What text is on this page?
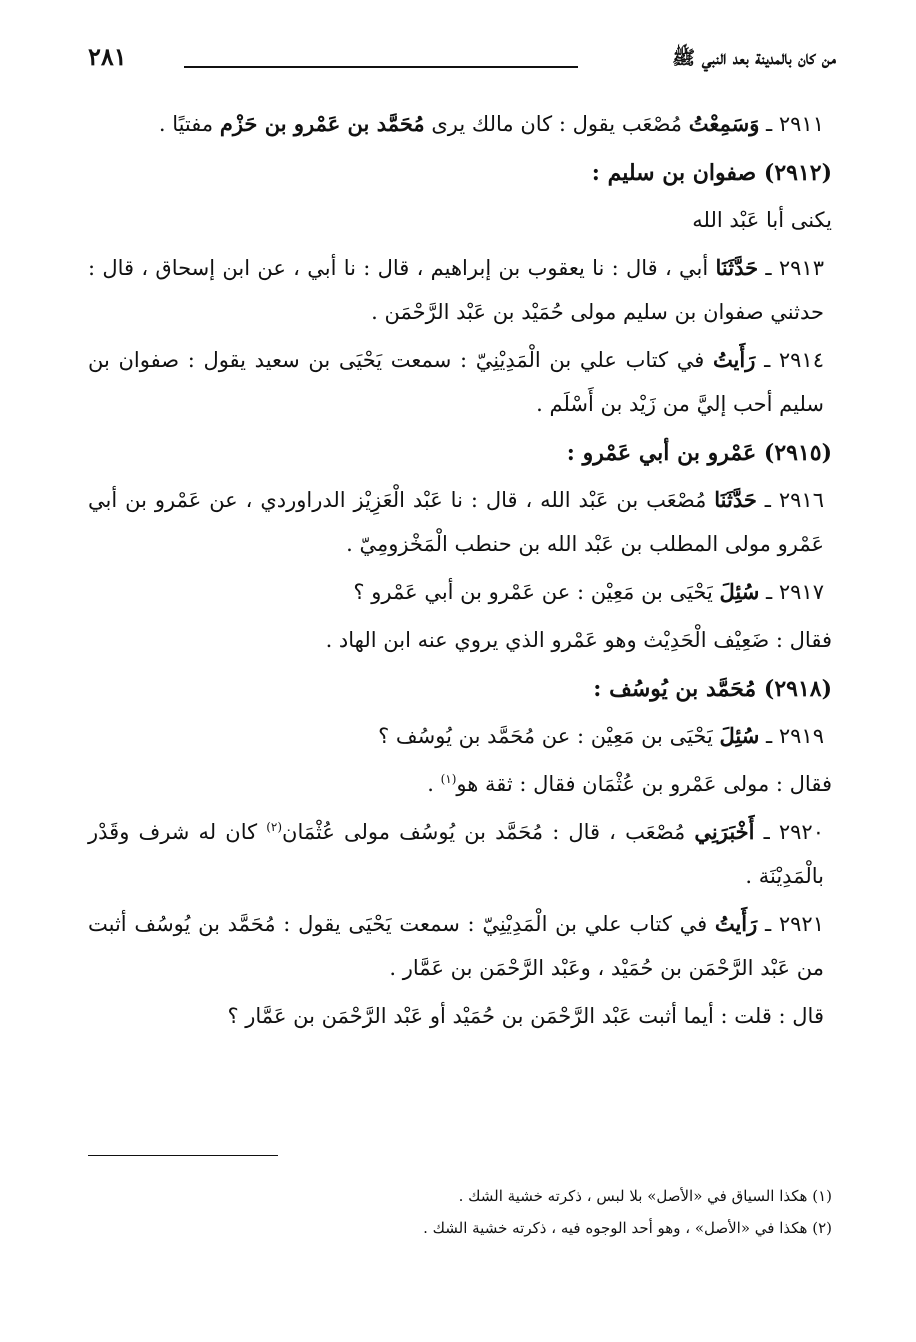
من كان بالمدينة بعد النبي ﷺ
٢٨١

٢٩١١ ـ وَسَمِعْتُ مُصْعَب يقول : كان مالك يرى مُحَمَّد بن عَمْرو بن حَزْم مفتيًا .

(٢٩١٢) صفوان بن سليم :

يكنى أبا عَبْد الله

٢٩١٣ ـ حَدَّثَنَا أبي ، قال : نا يعقوب بن إبراهيم ، قال : نا أبي ، عن ابن إسحاق ، قال : حدثني صفوان بن سليم مولى حُمَيْد بن عَبْد الرَّحْمَن .

٢٩١٤ ـ رَأَيتُ في كتاب علي بن الْمَدِيْنِيّ : سمعت يَحْيَى بن سعيد يقول : صفوان بن سليم أحب إليَّ من زَيْد بن أَسْلَم .

(٢٩١٥) عَمْرو بن أبي عَمْرو :

٢٩١٦ ـ حَدَّثَنَا مُصْعَب بن عَبْد الله ، قال : نا عَبْد الْعَزِيْز الدراوردي ، عن عَمْرو بن أبي عَمْرو مولى المطلب بن عَبْد الله بن حنطب الْمَخْزومِيّ .

٢٩١٧ ـ سُئِلَ يَحْيَى بن مَعِيْن : عن عَمْرو بن أبي عَمْرو ؟

فقال : ضَعِيْف الْحَدِيْث وهو عَمْرو الذي يروي عنه ابن الهاد .

(٢٩١٨) مُحَمَّد بن يُوسُف :

٢٩١٩ ـ سُئِلَ يَحْيَى بن مَعِيْن : عن مُحَمَّد بن يُوسُف ؟

فقال : مولى عَمْرو بن عُثْمَان فقال : ثقة هو$^{(١)}$ .

٢٩٢٠ ـ أَخْبَرَنِي مُصْعَب ، قال : مُحَمَّد بن يُوسُف مولى عُثْمَان$^{(٢)}$ كان له شرف وقَدْر بالْمَدِيْنَة .

٢٩٢١ ـ رَأَيتُ في كتاب علي بن الْمَدِيْنِيّ : سمعت يَحْيَى يقول : مُحَمَّد بن يُوسُف أثبت من عَبْد الرَّحْمَن بن حُمَيْد ، وعَبْد الرَّحْمَن بن عَمَّار .

قال : قلت : أيما أثبت عَبْد الرَّحْمَن بن حُمَيْد أو عَبْد الرَّحْمَن بن عَمَّار ؟

(١) هكذا السياق في «الأصل» بلا لبس ، ذكرته خشية الشك .

(٢) هكذا في «الأصل» ، وهو أحد الوجوه فيه ، ذكرته خشية الشك .
